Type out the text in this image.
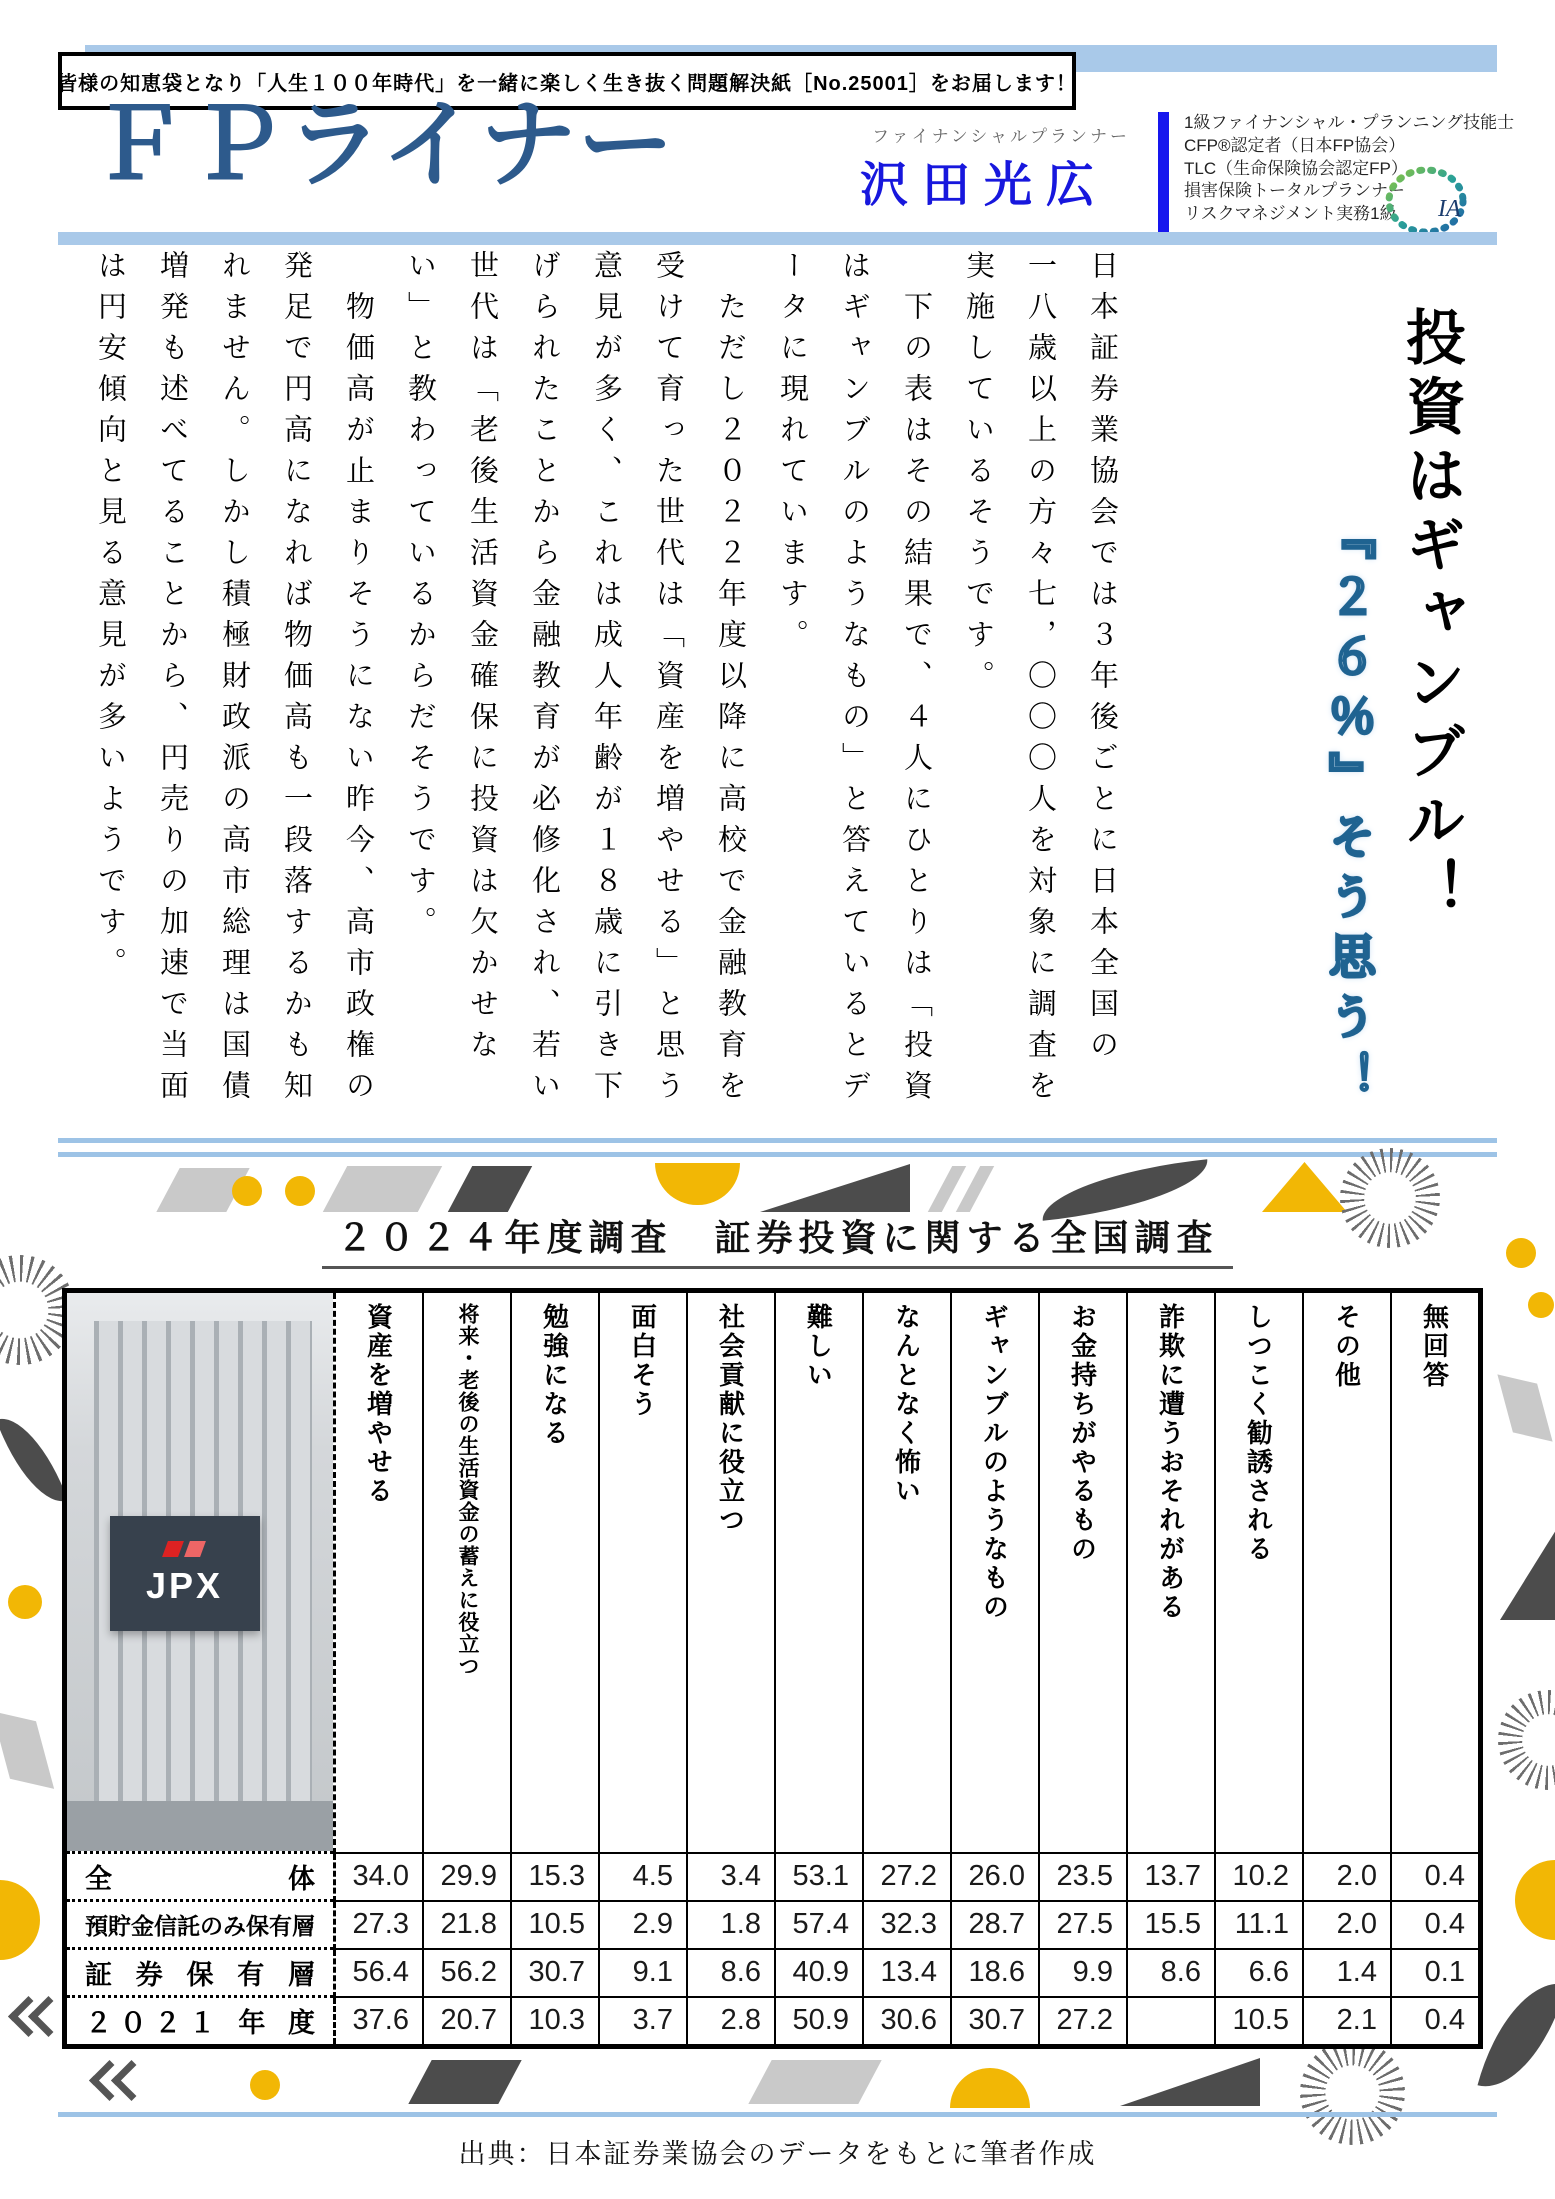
皆様の知恵袋となり「人生１００年時代」を一緒に楽しく生き抜く問題解決紙［No.25001］をお届します！
ＦＰライナー	ファイナンシャルプランナー
沢田光広
1級ファイナンシャル・プランニング技能士
CFP®認定者（日本FP協会）
TLC（生命保険協会認定FP）
損害保険トータルプランナー
リスクマネジメント実務1級	IA
投資はギャンブル！
『２６％』そう思う！
日本証券業協会では３年後ごとに日本全国の
一八歳以上の方々七，〇〇〇人を対象に調査を
実施しているそうです。
　下の表はその結果で、４人にひとりは「投資
はギャンブルのようなもの」と答えているとデ
ータに現れています。
　ただし２０２２年度以降に高校で金融教育を
受けて育った世代は「資産を増やせる」と思う
意見が多く、これは成人年齢が１８歳に引き下
げられたことから金融教育が必修化され、若い
世代は「老後生活資金確保に投資は欠かせな
い」と教わっているからだそうです。
　物価高が止まりそうにない昨今、高市政権の
発足で円高になれば物価高も一段落するかも知
れません。しかし積極財政派の高市総理は国債
増発も述べてることから、円売りの加速で当面
は円安傾向と見る意見が多いようです。
２０２４年度調査　証券投資に関する全国調査
JPX	資産を増やせる	将来・老後の生活資金の蓄えに役立つ	勉強になる	面白そう	社会貢献に役立つ	難しい	なんとなく怖い	ギャンブルのようなもの	お金持ちがやるもの	詐欺に遭うおそれがある	しつこく勧誘される	その他	無回答

全　体	34.0	29.9	15.3	4.5	3.4	53.1	27.2	26.0	23.5	13.7	10.2	2.0	0.4
預貯金信託のみ保有層	27.3	21.8	10.5	2.9	1.8	57.4	32.3	28.7	27.5	15.5	11.1	2.0	0.4
証 券 保 有 層	56.4	56.2	30.7	9.1	8.6	40.9	13.4	18.6	9.9	8.6	6.6	1.4	0.1
２０２１ 年 度	37.6	20.7	10.3	3.7	2.8	50.9	30.6	30.7	27.2		10.5	2.1	0.4
出典：日本証券業協会のデータをもとに筆者作成
